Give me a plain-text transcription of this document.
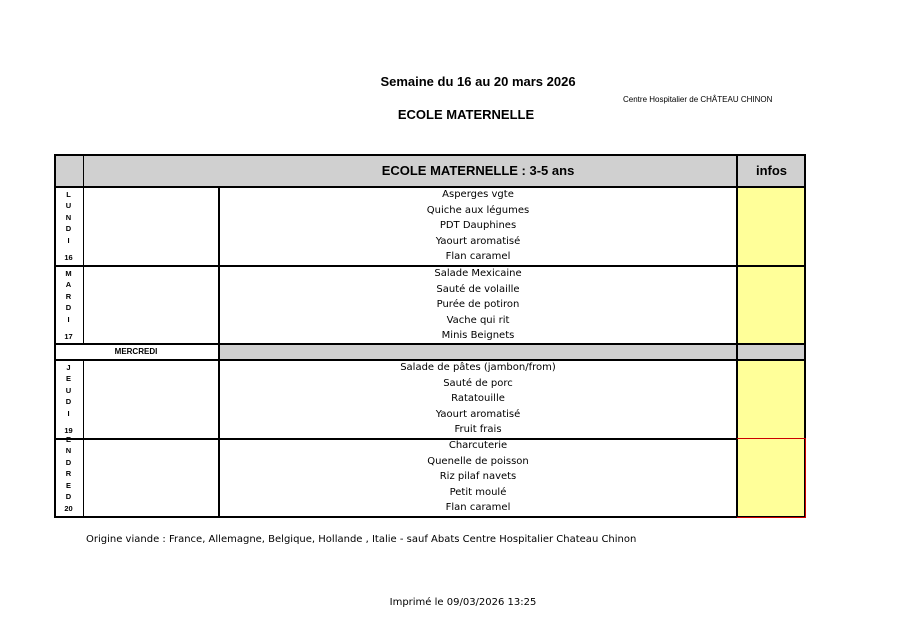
Semaine du 16 au 20 mars 2026
Centre Hospitalier de CHÂTEAU CHINON
ECOLE MATERNELLE
ECOLE MATERNELLE : 3-5 ans	infos
MERCREDI
L
U
N
D
I
16
M
A
R
D
I
17
J
E
U
D
I
19
E
N
D
R
E
D
20
Asperges vgte
Quiche aux légumes
PDT Dauphines
Yaourt aromatisé
Flan caramel
Salade Mexicaine
Sauté de volaille
Purée de potiron
Vache qui rit
Minis Beignets
Salade de pâtes (jambon/from)
Sauté de porc
Ratatouille
Yaourt aromatisé
Fruit frais
Charcuterie
Quenelle de poisson
Riz pilaf navets
Petit moulé
Flan caramel
Origine viande : France, Allemagne, Belgique, Hollande , Italie - sauf Abats Centre Hospitalier Chateau Chinon
Imprimé le 09/03/2026 13:25
